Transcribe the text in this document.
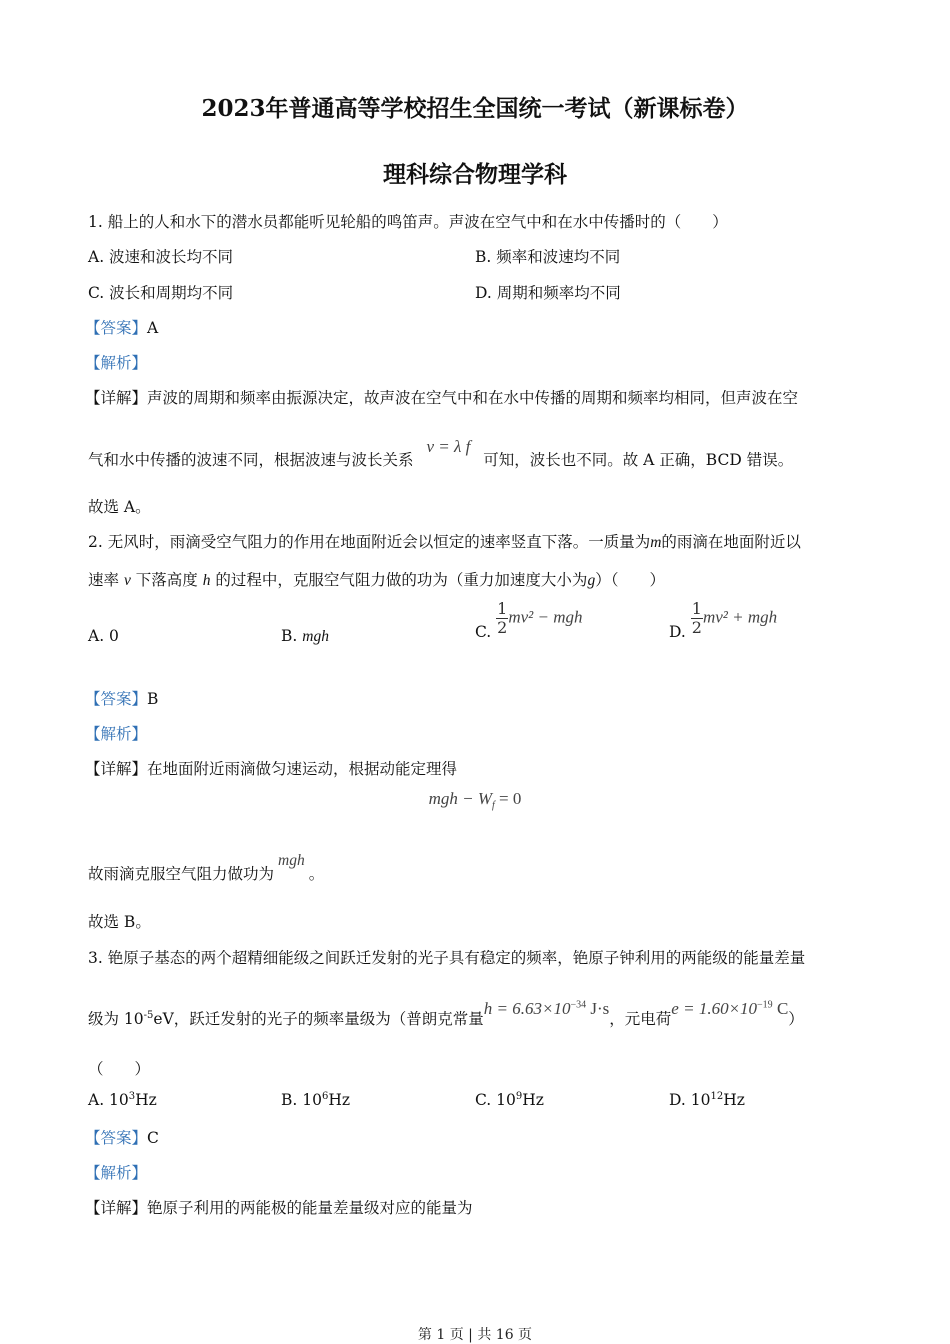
2023年普通高等学校招生全国统一考试（新课标卷）
理科综合物理学科
1. 船上的人和水下的潜水员都能听见轮船的鸣笛声。声波在空气中和在水中传播时的（　　）
A. 波速和波长均不同	B. 频率和波速均不同
C. 波长和周期均不同	D. 周期和频率均不同
【答案】A
【解析】
【详解】声波的周期和频率由振源决定，故声波在空气中和在水中传播的周期和频率均相同，但声波在空
气和水中传播的波速不同，根据波速与波长关系 v = λ f 可知，波长也不同。故 A 正确，BCD 错误。
故选 A。
2. 无风时，雨滴受空气阻力的作用在地面附近会以恒定的速率竖直下落。一质量为m的雨滴在地面附近以
速率 v 下落高度 h 的过程中，克服空气阻力做的功为（重力加速度大小为g）（　　）
A. 0	B. mgh	C. $\frac{1}{2} mv^2$ − mgh
D. $\frac{1}{2} mv^2$ + mgh
【答案】B
【解析】
【详解】在地面附近雨滴做匀速运动，根据动能定理得
mgh − $W_f = 0$
故雨滴克服空气阻力做功为mgh。
故选 B。
3. 铯原子基态的两个超精细能级之间跃迁发射的光子具有稳定的频率，铯原子钟利用的两能级的能量差量
级为 $10^{-5}eV$，跃迁发射的光子的频率量级为（普朗克常量$h = 6.63\times 10^{-34}$ J·s，元电荷$e = 1.60\times 10^{-19}$ C）
（　　）
A. $10^3Hz$	B. $10^6Hz$	C. $10^9Hz$	D. $10^{12}Hz$
【答案】C
【解析】
【详解】铯原子利用的两能极的能量差量级对应的能量为
第 1 页 | 共 16 页
